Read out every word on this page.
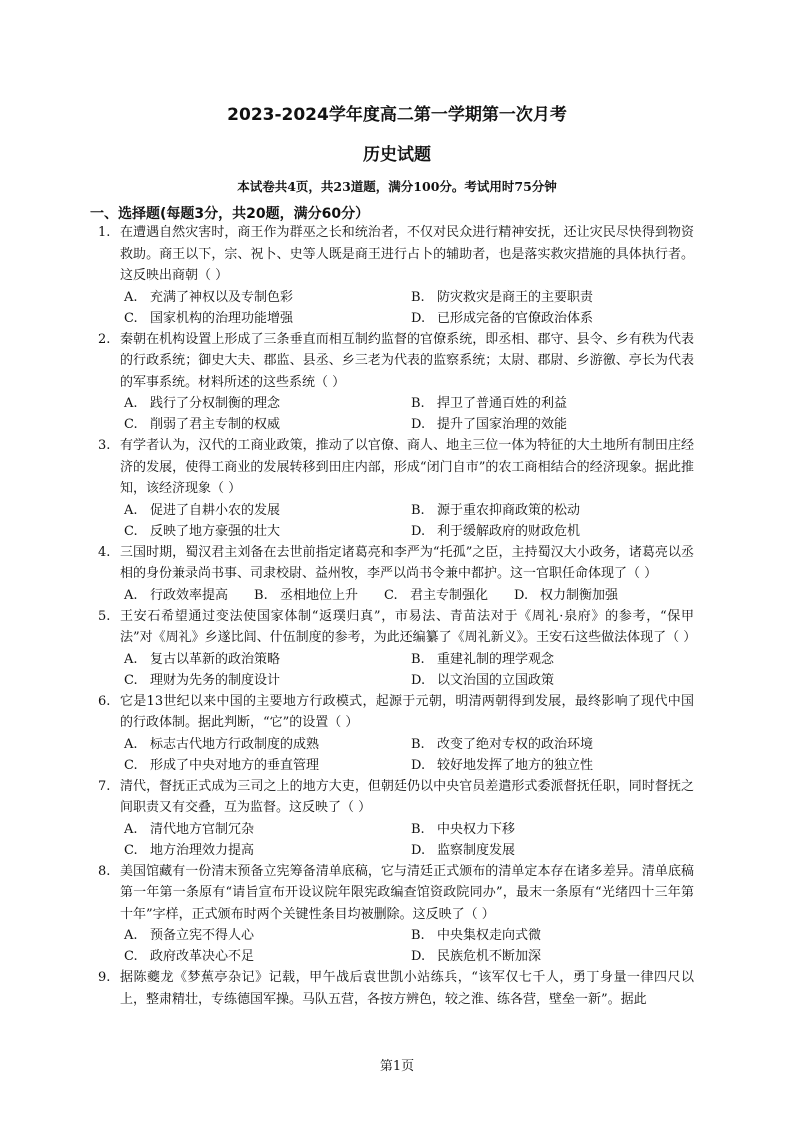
2023-2024学年度高二第一学期第一次月考
历史试题
本试卷共4页，共23道题，满分100分。考试用时75分钟
一、选择题(每题3分，共20题，满分60分）
1. 在遭遇自然灾害时，商王作为群巫之长和统治者，不仅对民众进行精神安抚，还让灾民尽快得到物资救助。商王以下，宗、祝卜、史等人既是商王进行占卜的辅助者，也是落实救灾措施的具体执行者。这反映出商朝（ ）

A. 充满了神权以及专制色彩	B. 防灾救灾是商王的主要职责
C. 国家机构的治理功能增强	D. 已形成完备的官僚政治体系
2. 秦朝在机构设置上形成了三条垂直而相互制约监督的官僚系统，即丞相、郡守、县令、乡有秩为代表的行政系统；御史大夫、郡监、县丞、乡三老为代表的监察系统；太尉、郡尉、乡游徼、亭长为代表的军事系统。材料所述的这些系统（ ）

A. 践行了分权制衡的理念	B. 捍卫了普通百姓的利益
C. 削弱了君主专制的权威	D. 提升了国家治理的效能
3. 有学者认为，汉代的工商业政策，推动了以官僚、商人、地主三位一体为特征的大土地所有制田庄经济的发展，使得工商业的发展转移到田庄内部，形成“闭门自市”的农工商相结合的经济现象。据此推知，该经济现象（ ）

A. 促进了自耕小农的发展	B. 源于重农抑商政策的松动
C. 反映了地方豪强的壮大	D. 利于缓解政府的财政危机
4. 三国时期，蜀汉君主刘备在去世前指定诸葛亮和李严为“托孤”之臣，主持蜀汉大小政务，诸葛亮以丞相的身份兼录尚书事、司隶校尉、益州牧，李严以尚书令兼中都护。这一官职任命体现了（ ）

A. 行政效率提高	B. 丞相地位上升	C. 君主专制强化	D. 权力制衡加强
5. 王安石希望通过变法使国家体制“返璞归真”，市易法、青苗法对于《周礼·泉府》的参考，“保甲法”对《周礼》乡遂比闾、什伍制度的参考，为此还编纂了《周礼新义》。王安石这些做法体现了（ ）

A. 复古以革新的政治策略	B. 重建礼制的理学观念
C. 理财为先务的制度设计	D. 以文治国的立国政策
6. 它是13世纪以来中国的主要地方行政模式，起源于元朝，明清两朝得到发展，最终影响了现代中国的行政体制。据此判断，“它”的设置（ ）

A. 标志古代地方行政制度的成熟	B. 改变了绝对专权的政治环境
C. 形成了中央对地方的垂直管理	D. 较好地发挥了地方的独立性
7. 清代，督抚正式成为三司之上的地方大吏，但朝廷仍以中央官员差遣形式委派督抚任职，同时督抚之间职责又有交叠，互为监督。这反映了（ ）

A. 清代地方官制冗杂	B. 中央权力下移
C. 地方治理效力提高	D. 监察制度发展
8. 美国馆藏有一份清末预备立宪筹备清单底稿，它与清廷正式颁布的清单定本存在诸多差异。清单底稿第一年第一条原有“请旨宣布开设议院年限宪政编查馆资政院同办”，最末一条原有“光绪四十三年第十年”字样，正式颁布时两个关键性条目均被删除。这反映了（ ）

A. 预备立宪不得人心	B. 中央集权走向式微
C. 政府改革决心不足	D. 民族危机不断加深
9. 据陈夔龙《梦蕉亭杂记》记载，甲午战后袁世凯小站练兵，“该军仅七千人，勇丁身量一律四尺以上，整肃精壮，专练德国军操。马队五营，各按方辨色，较之淮、练各营，壁垒一新”。据此

第1页
